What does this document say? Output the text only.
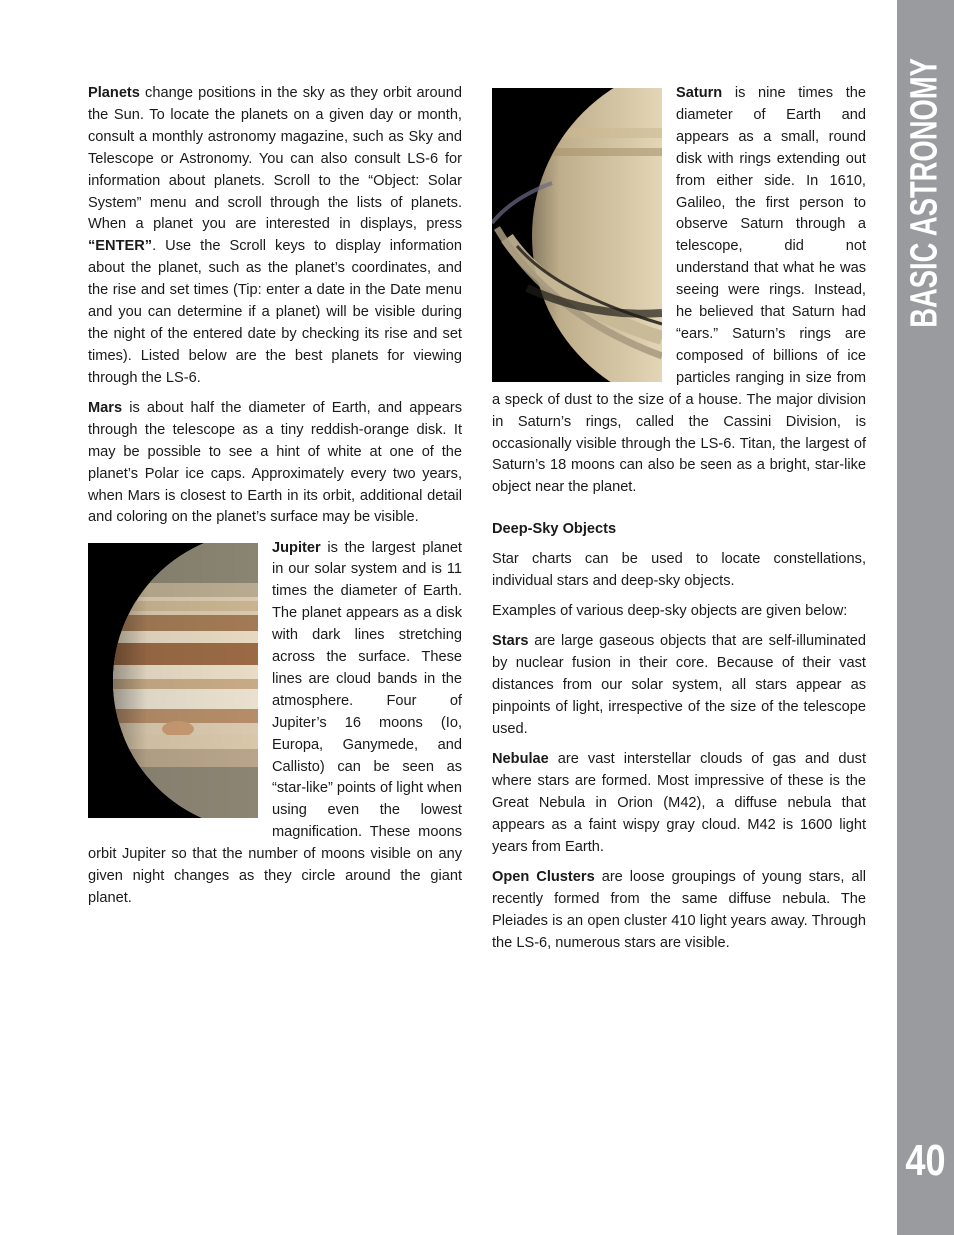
Planets change positions in the sky as they orbit around the Sun. To locate the planets on a given day or month, consult a monthly astronomy magazine, such as Sky and Telescope or Astronomy. You can also consult LS-6 for information about planets. Scroll to the “Object: Solar System” menu and scroll through the lists of planets. When a planet you are interested in displays, press “ENTER”. Use the Scroll keys to display information about the planet, such as the planet’s coordinates, and the rise and set times (Tip: enter a date in the Date menu and you can determine if a planet) will be visible during the night of the entered date by checking its rise and set times). Listed below are the best planets for viewing through the LS-6.

Mars is about half the diameter of Earth, and appears through the telescope as a tiny reddish-orange disk. It may be possible to see a hint of white at one of the planet’s Polar ice caps. Approximately every two years, when Mars is closest to Earth in its orbit, additional detail and coloring on the planet’s surface may be visible.

Jupiter is the largest planet in our solar system and is 11 times the diameter of Earth. The planet appears as a disk with dark lines stretching across the surface. These lines are cloud bands in the atmosphere. Four of Jupiter’s 16 moons (Io, Europa, Ganymede, and Callisto) can be seen as “star-like” points of light when using even the lowest magnification. These moons orbit Jupiter so that the number of moons visible on any given night changes as they circle around the giant planet.

Saturn is nine times the diameter of Earth and appears as a small, round disk with rings extending out from either side. In 1610, Galileo, the first person to observe Saturn through a telescope, did not understand that what he was seeing were rings. Instead, he believed that Saturn had “ears.” Saturn’s rings are composed of billions of ice particles ranging in size from a speck of dust to the size of a house. The major division in Saturn’s rings, called the Cassini Division, is occasionally visible through the LS-6. Titan, the largest of Saturn’s 18 moons can also be seen as a bright, star-like object near the planet.

Deep-Sky Objects

Star charts can be used to locate constellations, individual stars and deep-sky objects.

Examples of various deep-sky objects are given below:

Stars are large gaseous objects that are self-illuminated by nuclear fusion in their core. Because of their vast distances from our solar system, all stars appear as pinpoints of light, irrespective of the size of the telescope used.

Nebulae are vast interstellar clouds of gas and dust where stars are formed. Most impressive of these is the Great Nebula in Orion (M42), a diffuse nebula that appears as a faint wispy gray cloud. M42 is 1600 light years from Earth.

Open Clusters are loose groupings of young stars, all recently formed from the same diffuse nebula. The Pleiades is an open cluster 410 light years away. Through the LS-6, numerous stars are visible.

BASIC ASTRONOMY
40
